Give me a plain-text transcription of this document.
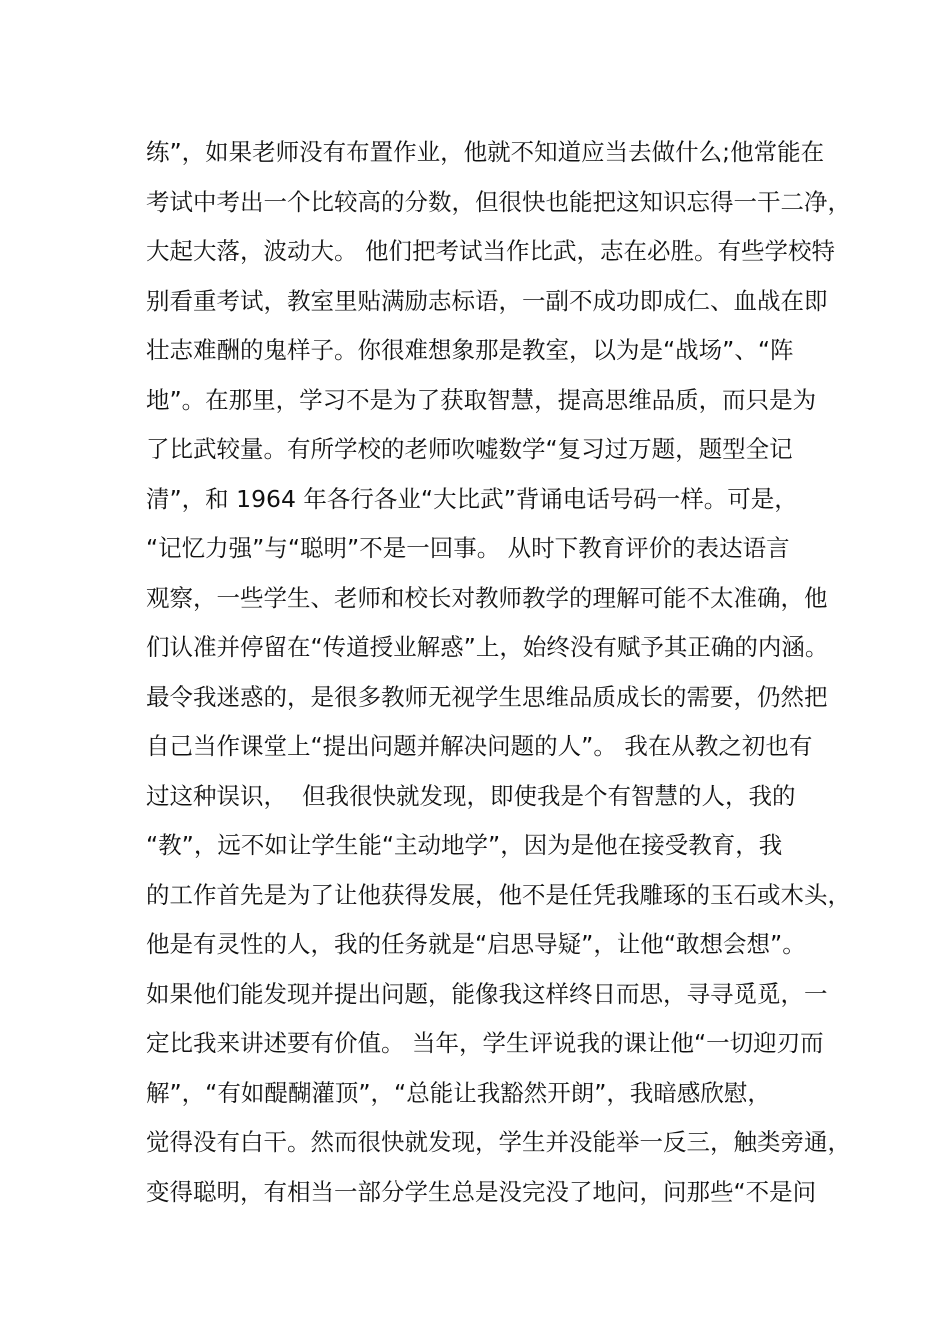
练”，如果老师没有布置作业，他就不知道应当去做什么;他常能在
考试中考出一个比较高的分数，但很快也能把这知识忘得一干二净，
大起大落，波动大。 他们把考试当作比武，志在必胜。有些学校特
别看重考试，教室里贴满励志标语，一副不成功即成仁、血战在即
壮志难酬的鬼样子。你很难想象那是教室，以为是“战场”、“阵
地”。在那里，学习不是为了获取智慧，提高思维品质，而只是为
了比武较量。有所学校的老师吹嘘数学“复习过万题，题型全记
清”，和 1964 年各行各业“大比武”背诵电话号码一样。可是，
“记忆力强”与“聪明”不是一回事。 从时下教育评价的表达语言
观察，一些学生、老师和校长对教师教学的理解可能不太准确，他
们认准并停留在“传道授业解惑”上，始终没有赋予其正确的内涵。
最令我迷惑的，是很多教师无视学生思维品质成长的需要，仍然把
自己当作课堂上“提出问题并解决问题的人”。 我在从教之初也有
过这种误识，  但我很快就发现，即使我是个有智慧的人，我的
“教”，远不如让学生能“主动地学”，因为是他在接受教育，我
的工作首先是为了让他获得发展，他不是任凭我雕琢的玉石或木头，
他是有灵性的人，我的任务就是“启思导疑”，让他“敢想会想”。
如果他们能发现并提出问题，能像我这样终日而思，寻寻觅觅，一
定比我来讲述要有价值。 当年，学生评说我的课让他“一切迎刃而
解”，“有如醍醐灌顶”，“总能让我豁然开朗”，我暗感欣慰，
觉得没有白干。然而很快就发现，学生并没能举一反三，触类旁通，
变得聪明，有相当一部分学生总是没完没了地问，问那些“不是问
